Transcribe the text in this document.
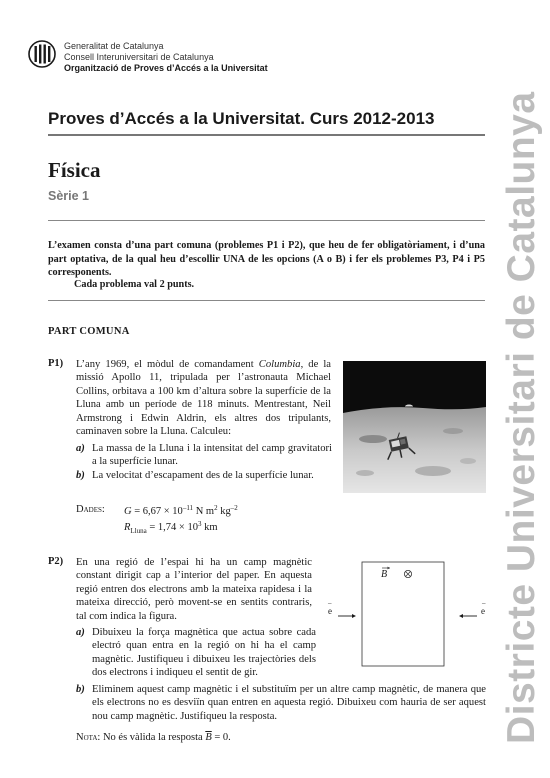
Generalitat de Catalunya
Consell Interuniversitari de Catalunya
Organització de Proves d’Accés a la Universitat
Proves d’Accés a la Universitat. Curs 2012-2013
Física
Sèrie 1
L’examen consta d’una part comuna (problemes P1 i P2), que heu de fer obligatòriament, i d’una part optativa, de la qual heu d’escollir UNA de les opcions (A o B) i fer els problemes P3, P4 i P5 corresponents.
Cada problema val 2 punts.
PART COMUNA
P1) L’any 1969, el mòdul de comandament Columbia, de la missió Apollo 11, tripulada per l’astronauta Michael Collins, orbitava a 100 km d’altura sobre la superfície de la Lluna amb un període de 118 minuts. Mentrestant, Neil Armstrong i Edwin Aldrin, els altres dos tripulants, caminaven sobre la Lluna. Calculeu:
a) La massa de la Lluna i la intensitat del camp gravitatori a la superfície lunar.
b) La velocitat d’escapament des de la superfície lunar.
Dades: $G = 6,67 \times 10^{-11}$ N $m^2$ $kg^{-2}$
$R_{Lluna} = 1,74 \times 10^3$ km
P2) En una regió de l’espai hi ha un camp magnètic constant dirigit cap a l’interior del paper. En aquesta regió entren dos electrons amb la mateixa rapidesa i la mateixa direcció, però movent-se en sentits contraris, tal com indica la figura.
a) Dibuixeu la força magnètica que actua sobre cada electró quan entra en la regió on hi ha el camp magnètic. Justifiqueu i dibuixeu les trajectòries dels dos electrons i indiqueu el sentit de gir.
b) Eliminem aquest camp magnètic i el substituïm per un altre camp magnètic, de manera que els electrons no es desviïn quan entren en aquesta regió. Dibuixeu com hauria de ser aquest nou camp magnètic. Justifiqueu la resposta.
B
–
e
–
e
Nota: No és vàlida la resposta $\overline{B} = 0$.	Districte Universitari de Catalunya
